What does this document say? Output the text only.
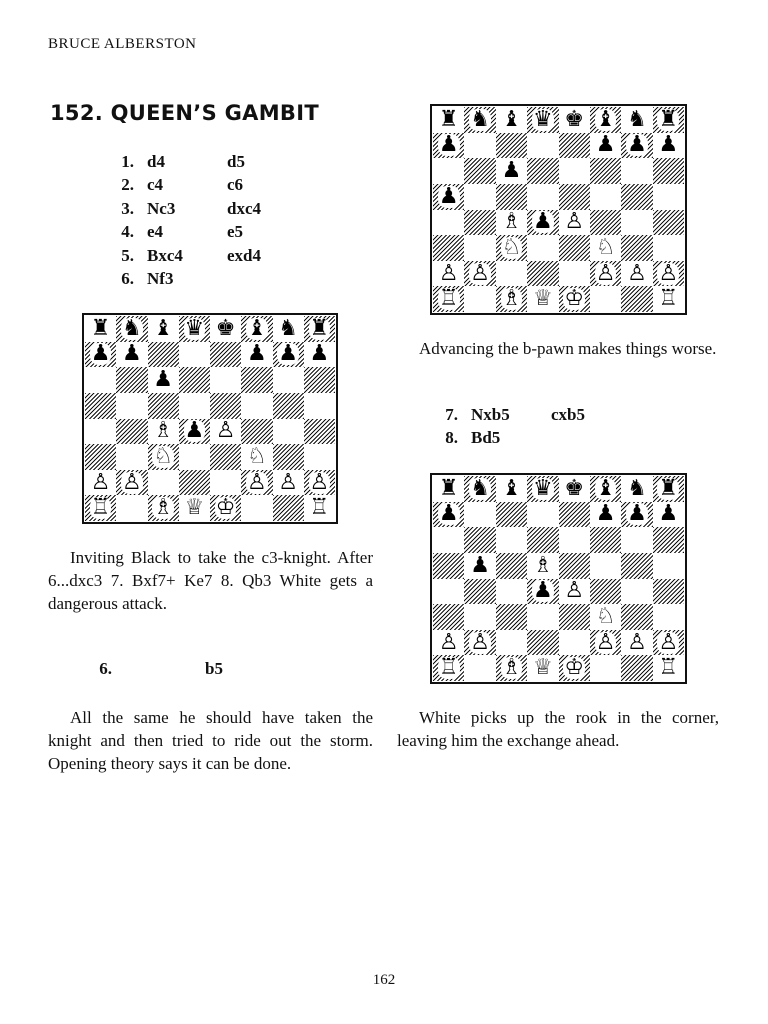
BRUCE ALBERSTON
152. QUEEN’S GAMBIT
1. d4	d5
2. c4	c6
3. Nc3	dxc4
4. e4	e5
5. Bxc4	exd4
6. Nf3
♜ ♞ ♝ ♛ ♚ ♝ ♞ ♜
♟ ♟	♟ ♟ ♟
♟
♗ ♟ ♙
♘	♘
♙ ♙	♙ ♙ ♙
♖ ♗ ♕ ♔	♖

Inviting Black to take the c3-knight. After 6...dxc3 7. Bxf7+ Ke7 8. Qb3 White gets a dangerous attack.

6.	b5

All the same he should have taken the knight and then tried to ride out the storm. Opening theory says it can be done.

♜ ♞ ♝ ♛ ♚ ♝ ♞ ♜
♟	♟ ♟ ♟
♟
♟
♗ ♟ ♙
♘	♘
♙ ♙	♙ ♙ ♙
♖ ♗ ♕ ♔	♖

Advancing the b-pawn makes things worse.

7. Nxb5 cxb5
8. Bd5
♜ ♞ ♝ ♛ ♚ ♝ ♞ ♜
♟	♟ ♟ ♟
♟ ♗
♟ ♙
♘
♙ ♙	♙ ♙ ♙
♖ ♗ ♕ ♔	♖

White picks up the rook in the corner, leaving him the exchange ahead.

162
